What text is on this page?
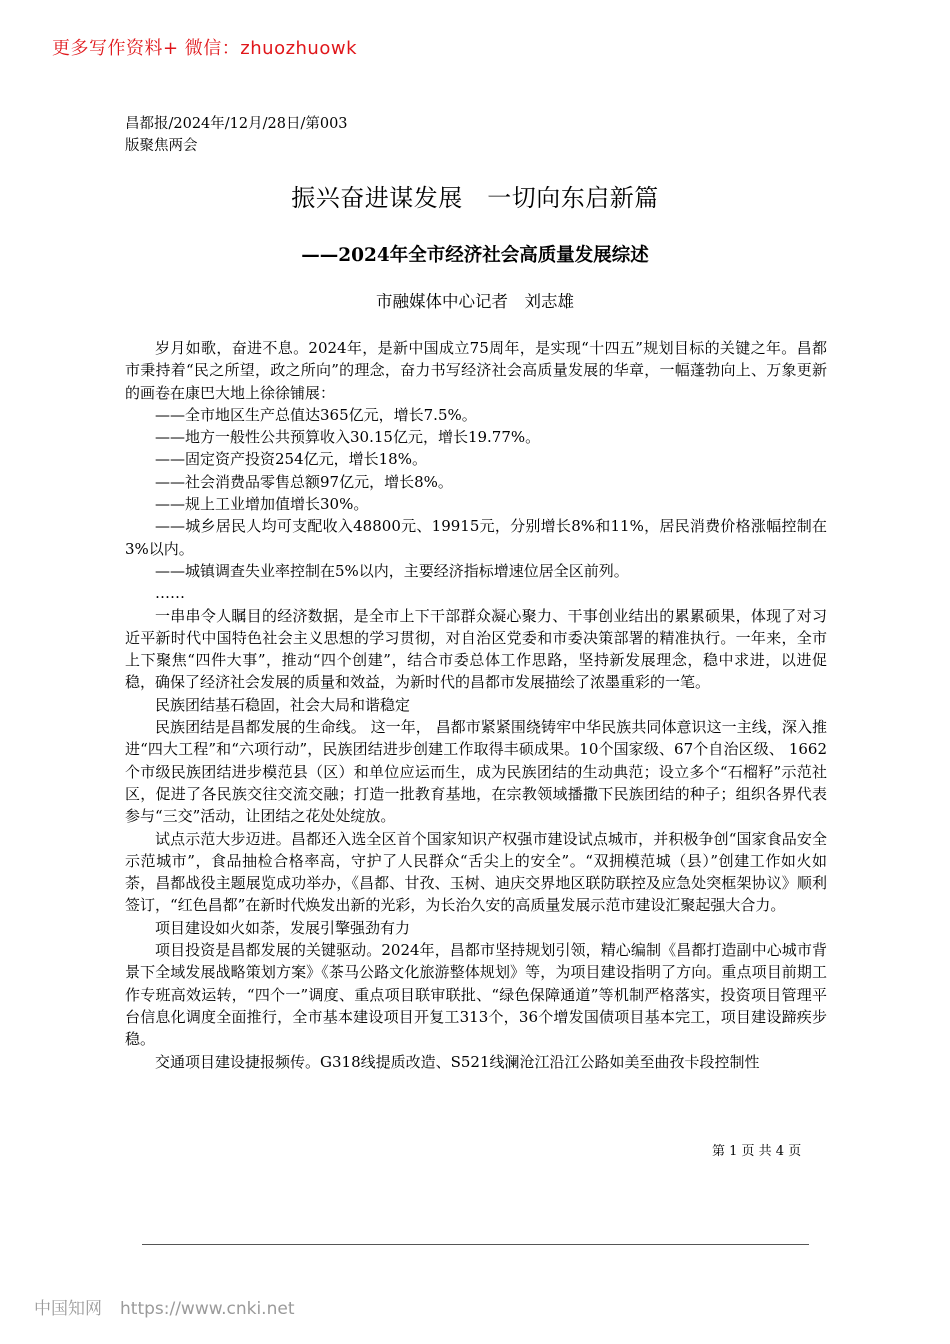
更多写作资料+ 微信：zhuozhuowk
昌都报/2024年/12月/28日/第003
版聚焦两会
振兴奋进谋发展　一切向东启新篇
——2024年全市经济社会高质量发展综述
市融媒体中心记者　刘志雄

岁月如歌，奋进不息。2024年，是新中国成立75周年，是实现“十四五”规划目标的关键之年。昌都市秉持着“民之所望，政之所向”的理念，奋力书写经济社会高质量发展的华章，一幅蓬勃向上、万象更新的画卷在康巴大地上徐徐铺展：

——全市地区生产总值达365亿元，增长7.5%。

——地方一般性公共预算收入30.15亿元，增长19.77%。

——固定资产投资254亿元，增长18%。

——社会消费品零售总额97亿元，增长8%。

——规上工业增加值增长30%。

——城乡居民人均可支配收入48800元、19915元，分别增长8%和11%，居民消费价格涨幅控制在3%以内。

——城镇调查失业率控制在5%以内，主要经济指标增速位居全区前列。

……

一串串令人瞩目的经济数据，是全市上下干部群众凝心聚力、干事创业结出的累累硕果，体现了对习近平新时代中国特色社会主义思想的学习贯彻，对自治区党委和市委决策部署的精准执行。一年来，全市上下聚焦“四件大事”，推动“四个创建”，结合市委总体工作思路，坚持新发展理念，稳中求进，以进促稳，确保了经济社会发展的质量和效益，为新时代的昌都市发展描绘了浓墨重彩的一笔。

民族团结基石稳固，社会大局和谐稳定

民族团结是昌都发展的生命线。 这一年， 昌都市紧紧围绕铸牢中华民族共同体意识这一主线，深入推进“四大工程”和“六项行动”，民族团结进步创建工作取得丰硕成果。10个国家级、67个自治区级、 1662个市级民族团结进步模范县（区）和单位应运而生，成为民族团结的生动典范；设立多个“石榴籽”示范社区，促进了各民族交往交流交融；打造一批教育基地，在宗教领域播撒下民族团结的种子；组织各界代表参与“三交”活动，让团结之花处处绽放。

试点示范大步迈进。昌都还入选全区首个国家知识产权强市建设试点城市，并积极争创“国家食品安全示范城市”，食品抽检合格率高，守护了人民群众“舌尖上的安全”。“双拥模范城（县）”创建工作如火如荼，昌都战役主题展览成功举办，《昌都、甘孜、玉树、迪庆交界地区联防联控及应急处突框架协议》顺利签订，“红色昌都”在新时代焕发出新的光彩，为长治久安的高质量发展示范市建设汇聚起强大合力。

项目建设如火如荼，发展引擎强劲有力

项目投资是昌都发展的关键驱动。2024年，昌都市坚持规划引领，精心编制《昌都打造副中心城市背景下全域发展战略策划方案》《茶马公路文化旅游整体规划》等，为项目建设指明了方向。重点项目前期工作专班高效运转，“四个一”调度、重点项目联审联批、“绿色保障通道”等机制严格落实，投资项目管理平台信息化调度全面推行，全市基本建设项目开复工313个，36个增发国债项目基本完工，项目建设蹄疾步稳。

交通项目建设捷报频传。G318线提质改造、S521线澜沧江沿江公路如美至曲孜卡段控制性

第 1 页 共 4 页
中国知网 https://www.cnki.net
